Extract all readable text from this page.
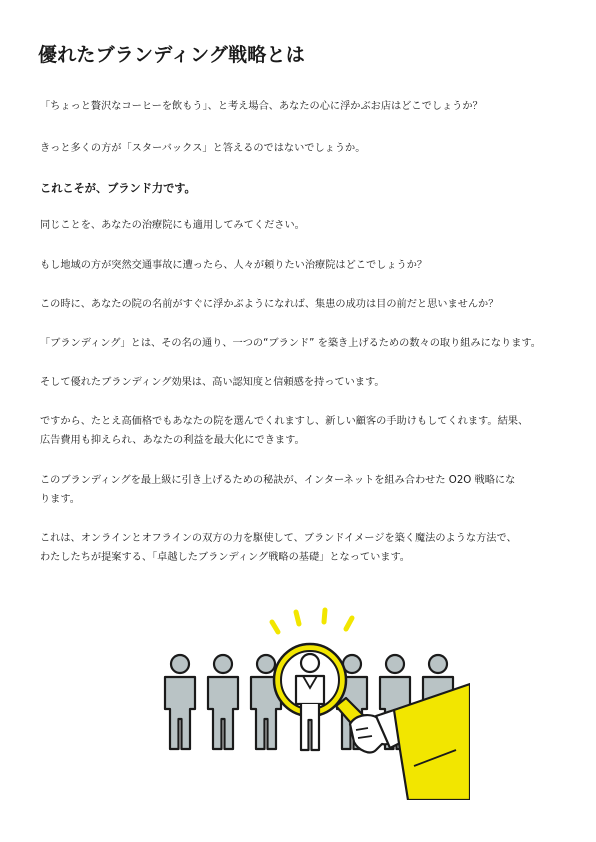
優れたブランディング戦略とは

「ちょっと贅沢なコーヒーを飲もう」、と考え場合、あなたの心に浮かぶお店はどこでしょうか？

きっと多くの方が「スターバックス」と答えるのではないでしょうか。

これこそが、ブランド力です。

同じことを、あなたの治療院にも適用してみてください。

もし地域の方が突然交通事故に遭ったら、人々が頼りたい治療院はどこでしょうか？

この時に、あなたの院の名前がすぐに浮かぶようになれば、集患の成功は目の前だと思いませんか？

「ブランディング」とは、その名の通り、一つの“ブランド” を築き上げるための数々の取り組みになります。

そして優れたブランディング効果は、高い認知度と信頼感を持っています。

ですから、たとえ高価格でもあなたの院を選んでくれますし、新しい顧客の手助けもしてくれます。結果、
広告費用も抑えられ、あなたの利益を最大化にできます。

このブランディングを最上級に引き上げるための秘訣が、インターネットを組み合わせた O2O 戦略にな
ります。

これは、オンラインとオフラインの双方の力を駆使して、ブランドイメージを築く魔法のような方法で、
わたしたちが提案する、「卓越したブランディング戦略の基礎」となっています。
